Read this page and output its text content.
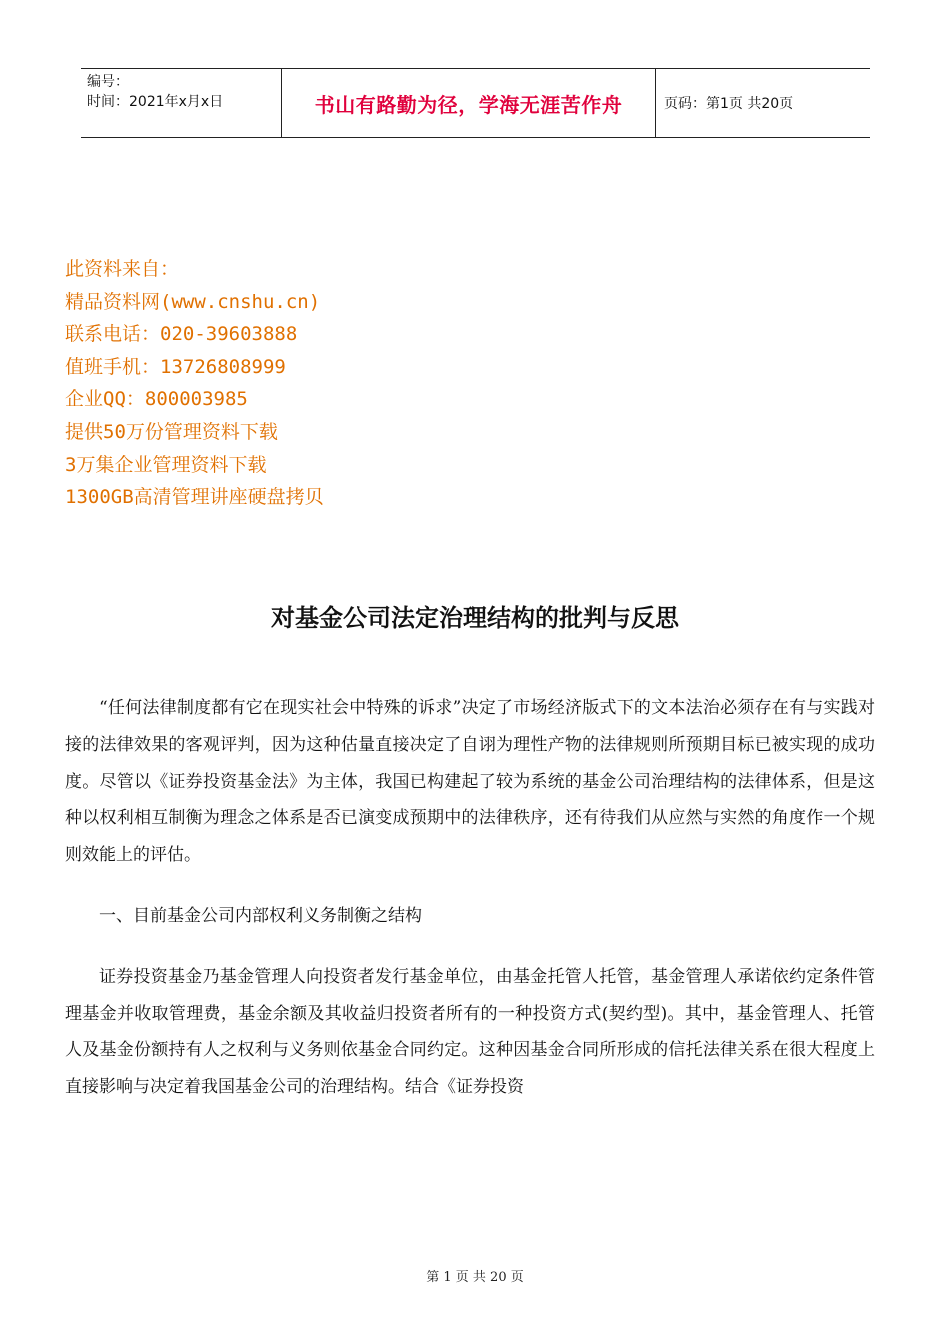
编号：
时间：2021年x月x日	书山有路勤为径，学海无涯苦作舟	页码：第1页 共20页
此资料来自：
精品资料网(www.cnshu.cn)
联系电话：020-39603888
值班手机：13726808999
企业QQ：800003985
提供50万份管理资料下载
3万集企业管理资料下载
1300GB高清管理讲座硬盘拷贝
对基金公司法定治理结构的批判与反思

“任何法律制度都有它在现实社会中特殊的诉求”决定了市场经济版式下的文本法治必须存在有与实践对接的法律效果的客观评判，因为这种估量直接决定了自诩为理性产物的法律规则所预期目标已被实现的成功度。尽管以《证券投资基金法》为主体，我国已构建起了较为系统的基金公司治理结构的法律体系，但是这种以权利相互制衡为理念之体系是否已演变成预期中的法律秩序，还有待我们从应然与实然的角度作一个规则效能上的评估。

一、目前基金公司内部权利义务制衡之结构

证券投资基金乃基金管理人向投资者发行基金单位，由基金托管人托管，基金管理人承诺依约定条件管理基金并收取管理费，基金余额及其收益归投资者所有的一种投资方式(契约型)。其中，基金管理人、托管人及基金份额持有人之权利与义务则依基金合同约定。这种因基金合同所形成的信托法律关系在很大程度上直接影响与决定着我国基金公司的治理结构。结合《证券投资

第 1 页 共 20 页
